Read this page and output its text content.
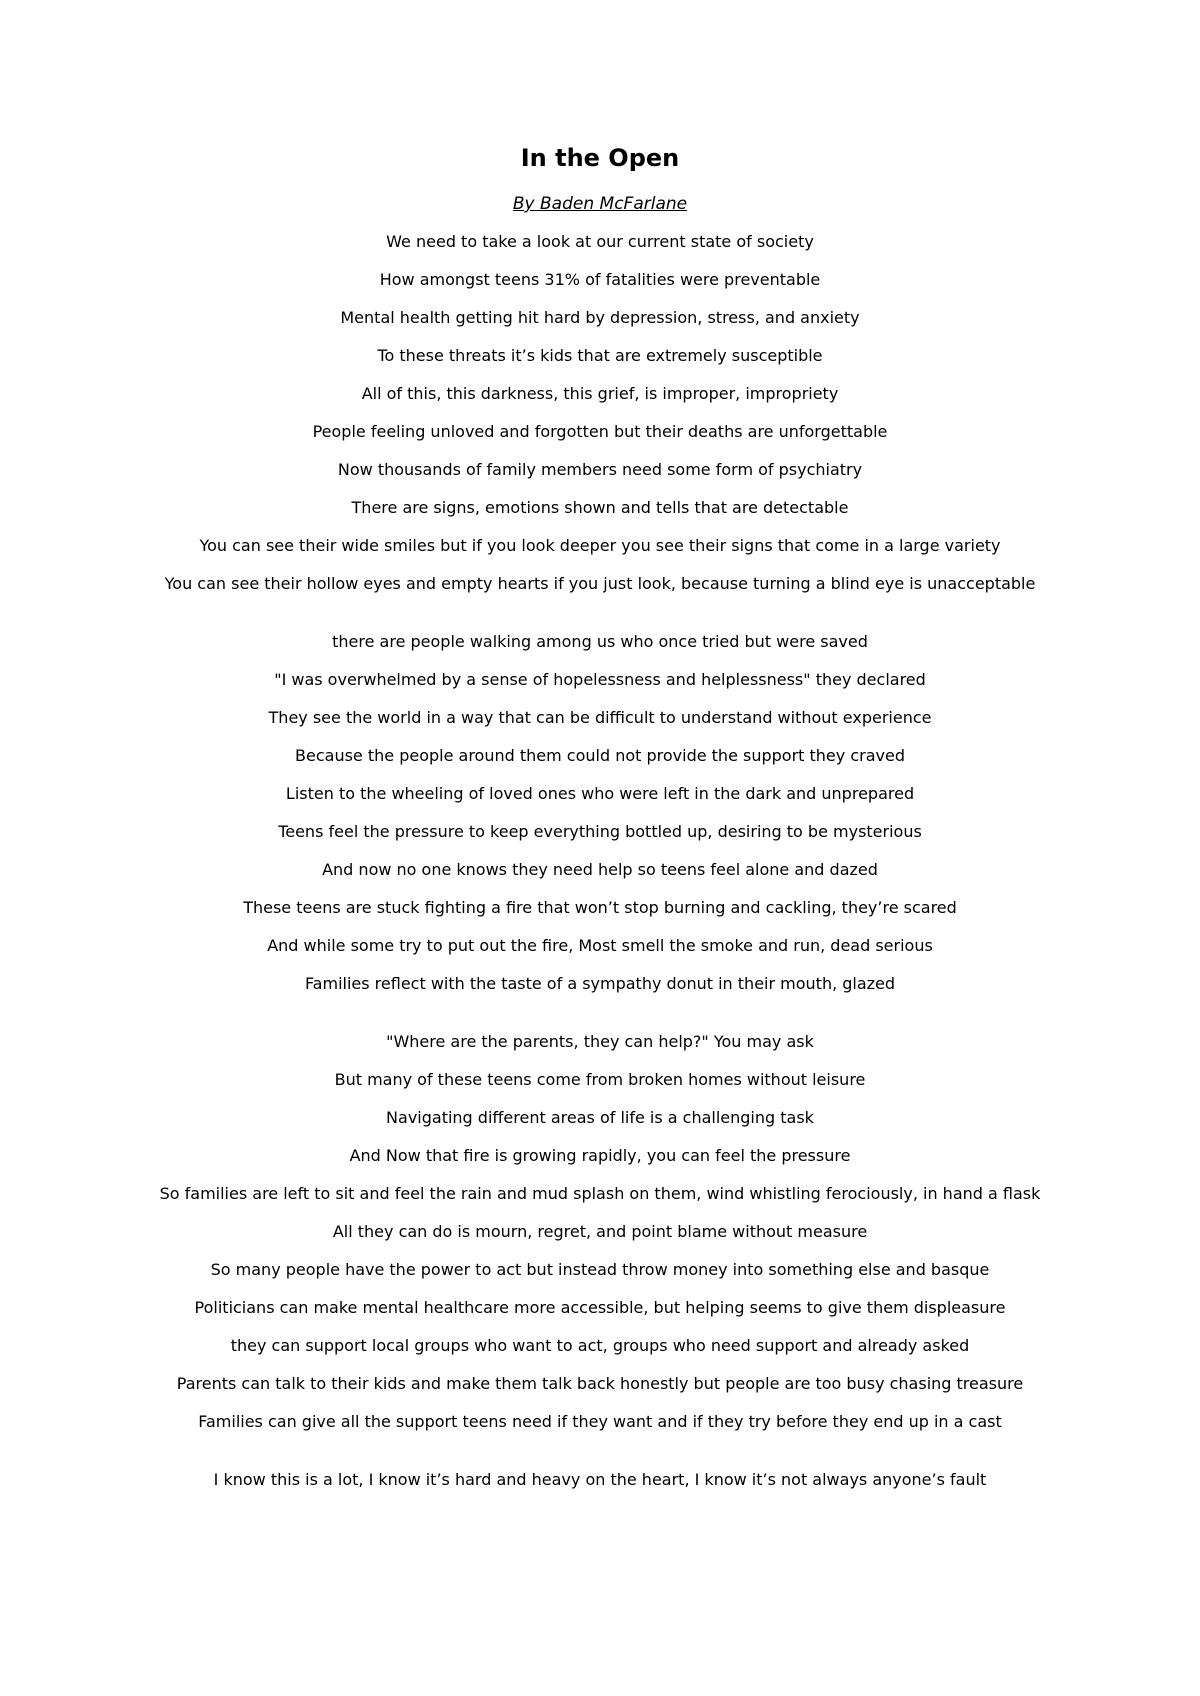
In the Open

By Baden McFarlane

We need to take a look at our current state of society
How amongst teens 31% of fatalities were preventable
Mental health getting hit hard by depression, stress, and anxiety
To these threats it’s kids that are extremely susceptible
All of this, this darkness, this grief, is improper, impropriety
People feeling unloved and forgotten but their deaths are unforgettable
Now thousands of family members need some form of psychiatry
There are signs, emotions shown and tells that are detectable
You can see their wide smiles but if you look deeper you see their signs that come in a large variety
You can see their hollow eyes and empty hearts if you just look, because turning a blind eye is unacceptable
there are people walking among us who once tried but were saved
"I was overwhelmed by a sense of hopelessness and helplessness" they declared
They see the world in a way that can be difficult to understand without experience
Because the people around them could not provide the support they craved
Listen to the wheeling of loved ones who were left in the dark and unprepared
Teens feel the pressure to keep everything bottled up, desiring to be mysterious
And now no one knows they need help so teens feel alone and dazed
These teens are stuck fighting a fire that won’t stop burning and cackling, they’re scared
And while some try to put out the fire, Most smell the smoke and run, dead serious
Families reflect with the taste of a sympathy donut in their mouth, glazed
"Where are the parents, they can help?" You may ask
But many of these teens come from broken homes without leisure
Navigating different areas of life is a challenging task
And Now that fire is growing rapidly, you can feel the pressure
So families are left to sit and feel the rain and mud splash on them, wind whistling ferociously, in hand a flask
All they can do is mourn, regret, and point blame without measure
So many people have the power to act but instead throw money into something else and basque
Politicians can make mental healthcare more accessible, but helping seems to give them displeasure
they can support local groups who want to act, groups who need support and already asked
Parents can talk to their kids and make them talk back honestly but people are too busy chasing treasure
Families can give all the support teens need if they want and if they try before they end up in a cast
I know this is a lot, I know it’s hard and heavy on the heart, I know it’s not always anyone’s fault
